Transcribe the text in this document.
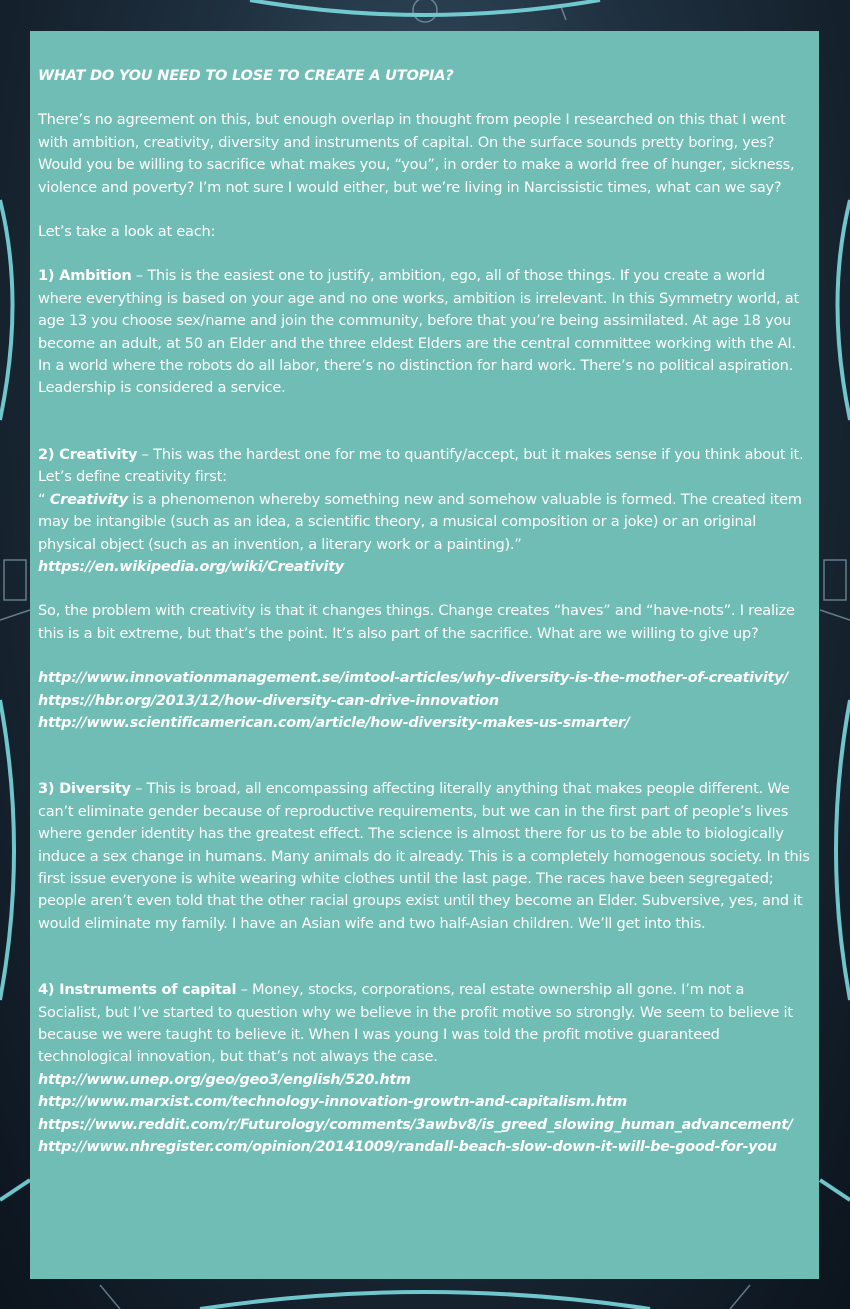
WHAT DO YOU NEED TO LOSE TO CREATE A UTOPIA?

There’s no agreement on this, but enough overlap in thought from people I researched on this that I went with ambition, creativity, diversity and instruments of capital. On the surface sounds pretty boring, yes? Would you be willing to sacrifice what makes you, “you”, in order to make a world free of hunger, sickness, violence and poverty? I’m not sure I would either, but we’re living in Narcissistic times, what can we say?

Let’s take a look at each:

1) Ambition – This is the easiest one to justify, ambition, ego, all of those things. If you create a world where everything is based on your age and no one works, ambition is irrelevant. In this Symmetry world, at age 13 you choose sex/name and join the community, before that you’re being assimilated. At age 18 you become an adult, at 50 an Elder and the three eldest Elders are the central committee working with the AI. In a world where the robots do all labor, there’s no distinction for hard work. There’s no political aspiration. Leadership is considered a service.

2) Creativity – This was the hardest one for me to quantify/accept, but it makes sense if you think about it. Let’s define creativity first:

“ Creativity is a phenomenon whereby something new and somehow valuable is formed. The created item may be intangible (such as an idea, a scientific theory, a musical composition or a joke) or an original physical object (such as an invention, a literary work or a painting).”

https://en.wikipedia.org/wiki/Creativity

So, the problem with creativity is that it changes things. Change creates “haves” and “have-nots”. I realize this is a bit extreme, but that’s the point. It’s also part of the sacrifice. What are we willing to give up?

http://www.innovationmanagement.se/imtool-articles/why-diversity-is-the-mother-of-creativity/
https://hbr.org/2013/12/how-diversity-can-drive-innovation
http://www.scientificamerican.com/article/how-diversity-makes-us-smarter/

3) Diversity – This is broad, all encompassing affecting literally anything that makes people different. We can’t eliminate gender because of reproductive requirements, but we can in the first part of people’s lives where gender identity has the greatest effect. The science is almost there for us to be able to biologically induce a sex change in humans. Many animals do it already. This is a completely homogenous society. In this first issue everyone is white wearing white clothes until the last page. The races have been segregated; people aren’t even told that the other racial groups exist until they become an Elder. Subversive, yes, and it would eliminate my family. I have an Asian wife and two half-Asian children. We’ll get into this.

4) Instruments of capital – Money, stocks, corporations, real estate ownership all gone. I’m not a Socialist, but I’ve started to question why we believe in the profit motive so strongly. We seem to believe it because we were taught to believe it. When I was young I was told the profit motive guaranteed technological innovation, but that’s not always the case.

http://www.unep.org/geo/geo3/english/520.htm
http://www.marxist.com/technology-innovation-growtn-and-capitalism.htm
https://www.reddit.com/r/Futurology/comments/3awbv8/is_greed_slowing_human_advancement/
http://www.nhregister.com/opinion/20141009/randall-beach-slow-down-it-will-be-good-for-you
